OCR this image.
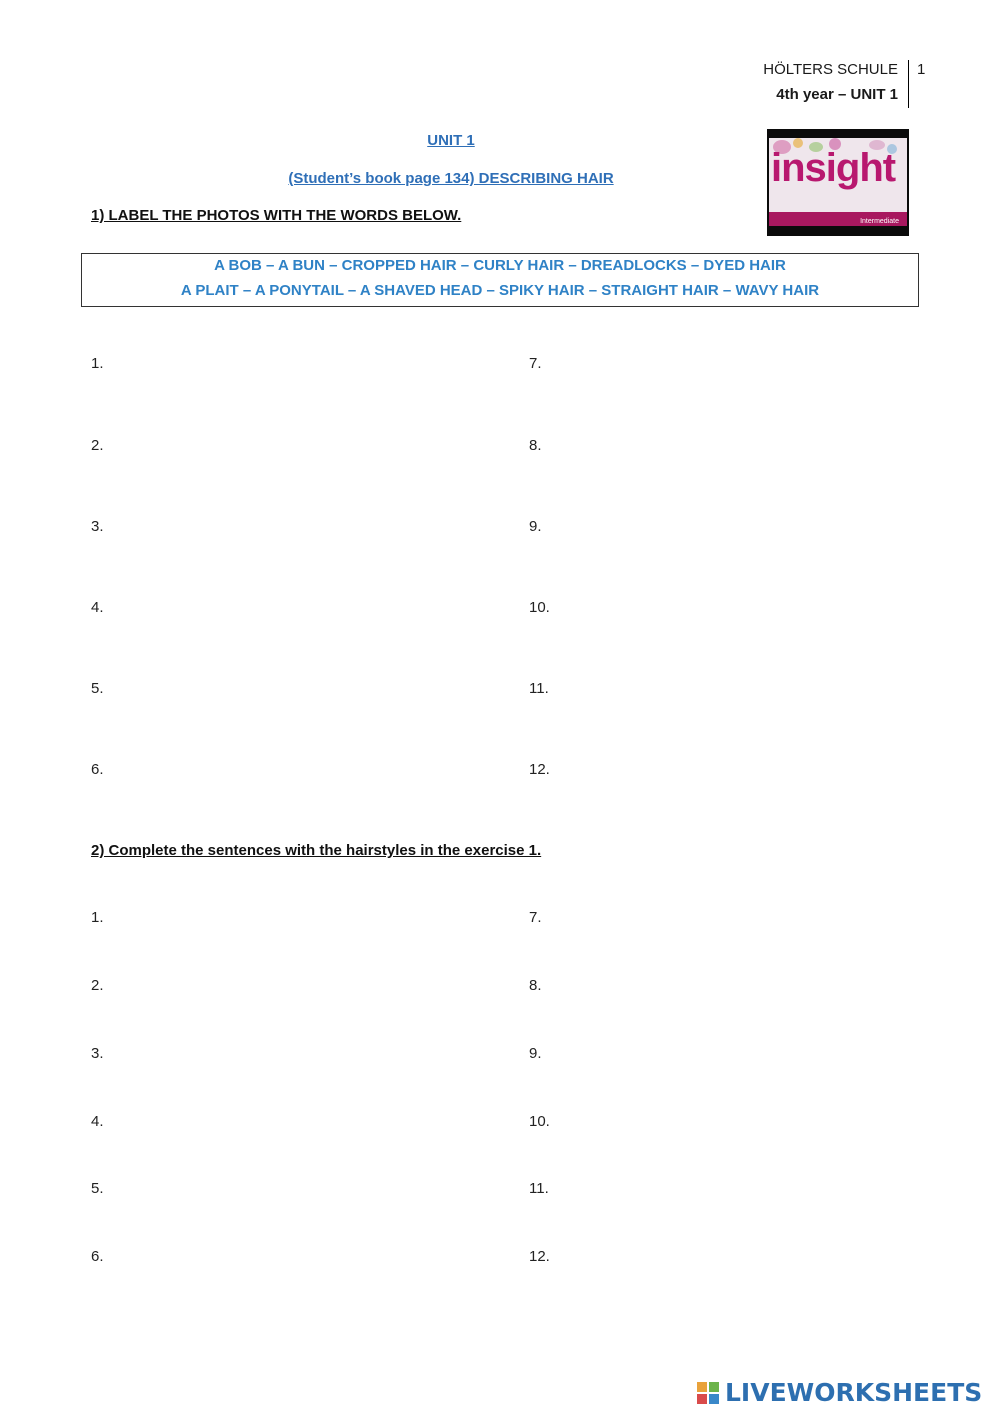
HÖLTERS SCHULE
4th year – UNIT 1
1
insight
Intermediate
UNIT 1
(Student’s book page 134) DESCRIBING HAIR
1) LABEL THE PHOTOS WITH THE WORDS BELOW.
A BOB – A BUN – CROPPED HAIR – CURLY HAIR – DREADLOCKS – DYED HAIR
A PLAIT – A PONYTAIL – A SHAVED HEAD – SPIKY HAIR – STRAIGHT HAIR – WAVY HAIR
1.
2.
3.
4.
5.
6.
7.
8.
9.
10.
11.
12.
2) Complete the sentences with the hairstyles in the exercise 1.
1.
2.
3.
4.
5.
6.
7.
8.
9.
10.
11.
12.
LIVEWORKSHEETS
